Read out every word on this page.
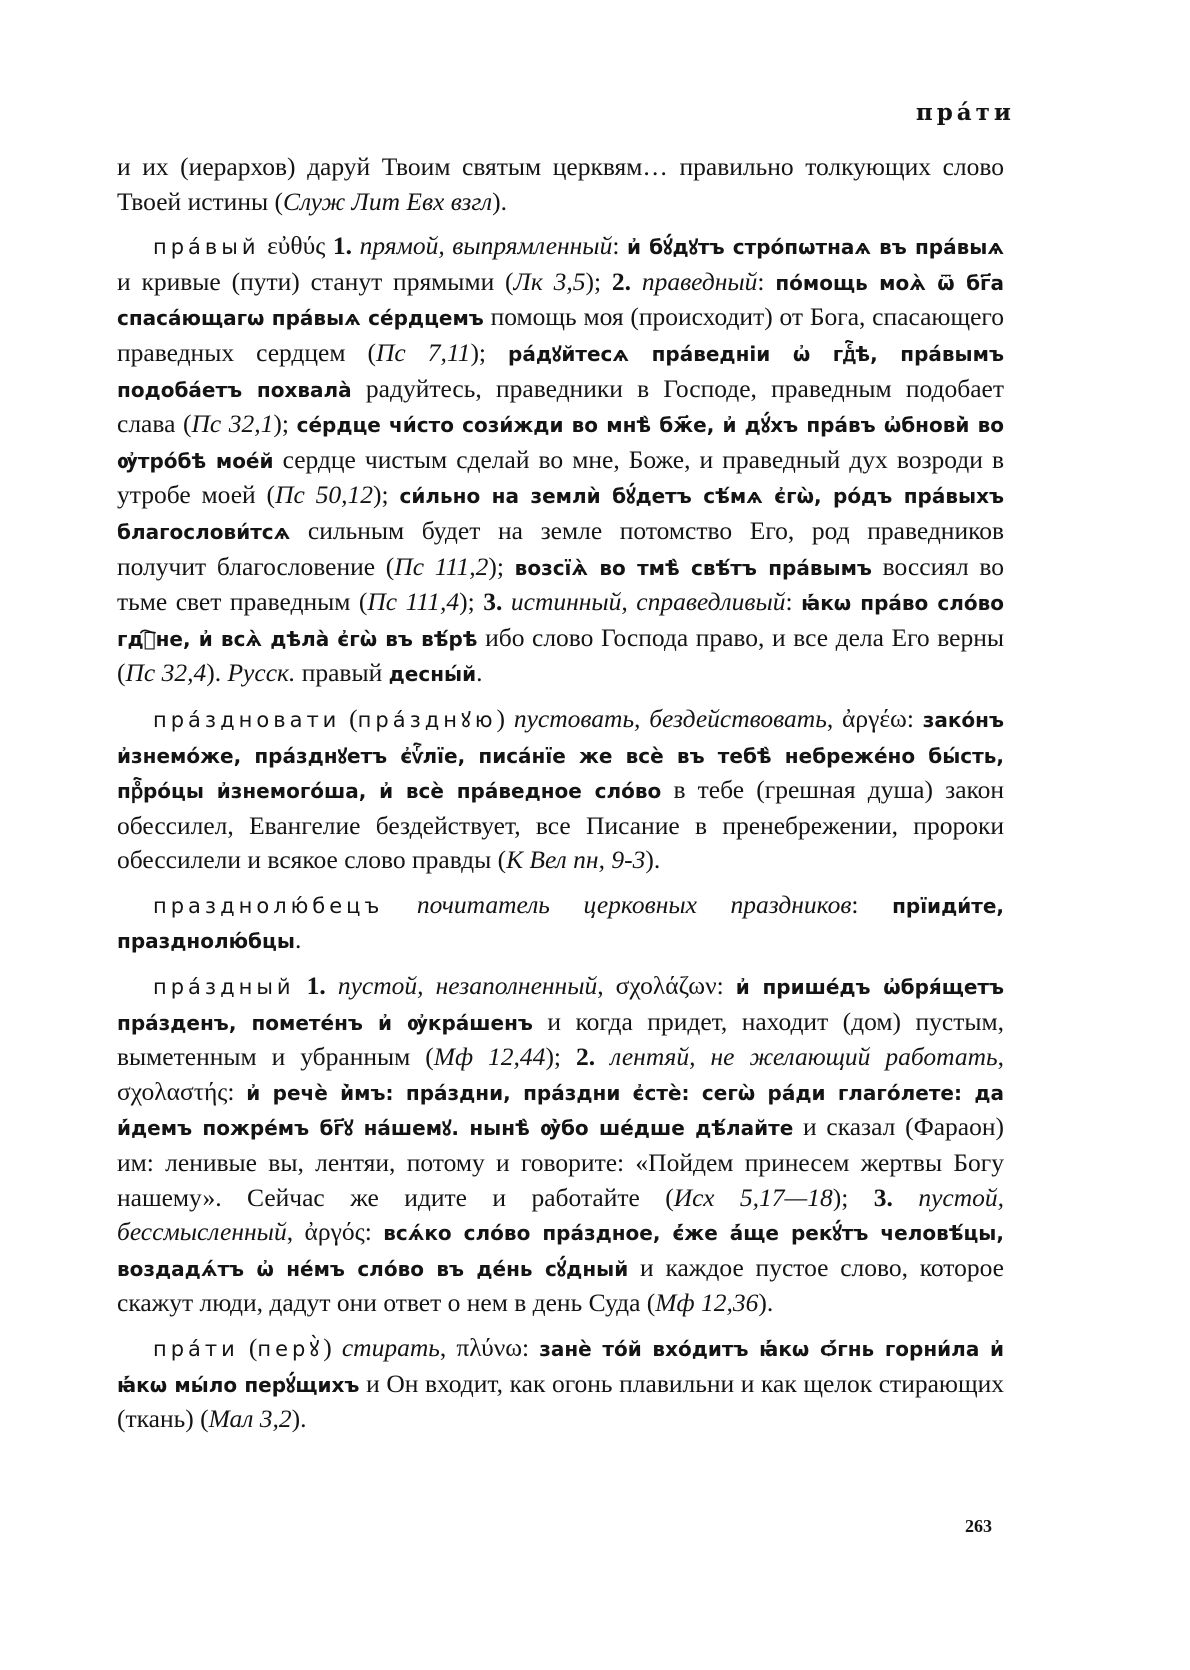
пра́ти

и их (иерархов) даруй Твоим святым церквям… правильно толкующих слово Твоей истины (Служ Лит Евх взгл).

пра́вый εὐθύς 1. прямой, выпрямленный: и҆ бꙋ́дꙋтъ стро́пѡтнаѧ въ пра́выѧ и кривые (пути) станут прямыми (Лк 3,5); 2. праведный: по́мощь моѧ̀ ѿ бг҃а спаса́ющагѡ пра́выѧ се́рдцемъ помощь моя (происходит) от Бога, спасающего праведных сердцем (Пс 7,11); ра́дꙋйтесѧ пра́ведніи ѡ҆ гдⷭ҇ѣ, пра́вымъ подоба́етъ похвала̀ радуйтесь, праведники в Господе, праведным подобает слава (Пс 32,1); се́рдце чи́сто сози́жди во мнѣ̀ бж҃е, и҆ дꙋ́хъ пра́въ ѡ҆бнови̇̀ во ѹ҆тро́бѣ мое́й сердце чистым сделай во мне, Боже, и праведный дух возроди в утробе моей (Пс 50,12); си́льно на землѝ бꙋ́детъ сѣ́мѧ є҆гѡ̀, ро́дъ пра́выхъ благослови́тсѧ сильным будет на земле потомство Его, род праведников получит благословение (Пс 111,2); возсїѧ̀ во тмѣ̀ свѣ́тъ пра́вымъ воссиял во тьме свет праведным (Пс 111,4); 3. истинный, справедливый: ꙗ҆́кѡ пра́во сло́во гдⷭ҇не, и҆ всѧ̀ дѣла̀ є҆гѡ̀ въ вѣ́рѣ ибо слово Господа право, и все дела Его верны (Пс 32,4). Русск. правый десны́й.

пра́здновати (пра́зднꙋю) пустовать, бездействовать, ἀργέω: зако́нъ и҆знемо́же, пра́зднꙋетъ є҆ѵⷢ҇лїе, писа́нїе же всѐ въ тебѣ̀ небреже́но бы́сть, прⷪ҇ро́цы и҆знемого́ша, и҆ всѐ пра́ведное сло́во в тебе (грешная душа) закон обессилел, Евангелие бездействует, все Писание в пренебрежении, пророки обессилели и всякое слово правды (К Вел пн, 9-3).

празднолю́бецъ почитатель церковных праздников: прїиди́те, празднолю́бцы.

пра́здный 1. пустой, незаполненный, σχολάζων: и҆ прише́дъ ѡ҆бря́щетъ пра́зденъ, помете́нъ и҆ ѹ҆кра́шенъ и когда придет, находит (дом) пустым, выметенным и убранным (Мф 12,44); 2. лентяй, не желающий работать, σχολαστής: и҆ речѐ и҆̀мъ: пра́здни, пра́здни є҆стѐ: сегѡ̀ ра́ди глаго́лете: да и҆́демъ пожре́мъ бг҃ꙋ на́шемꙋ. нынѣ̀ ѹ҆̀бо ше́дше дѣ́лайте и сказал (Фараон) им: ленивые вы, лентяи, потому и говорите: «Пойдем принесем жертвы Богу нашему». Сейчас же идите и работайте (Исх 5,17—18); 3. пустой, бессмысленный, ἀργός: всѧ́ко сло́во пра́здное, є҆́же а҆́ще рекꙋ́тъ человѣ́цы, воздадѧ́тъ ѡ҆ не́мъ сло́во въ де́нь сꙋ́дный и каждое пустое слово, которое скажут люди, дадут они ответ о нем в день Суда (Мф 12,36).

пра́ти (перꙋ̀) стирать, πλύνω: занѐ то́й вхо́дитъ ꙗ҆́кѡ ѻ҆́гнь горни́ла и҆ ꙗ҆́кѡ мы́ло перꙋ́щихъ и Он входит, как огонь плавильни и как щелок стирающих (ткань) (Мал 3,2).

263
